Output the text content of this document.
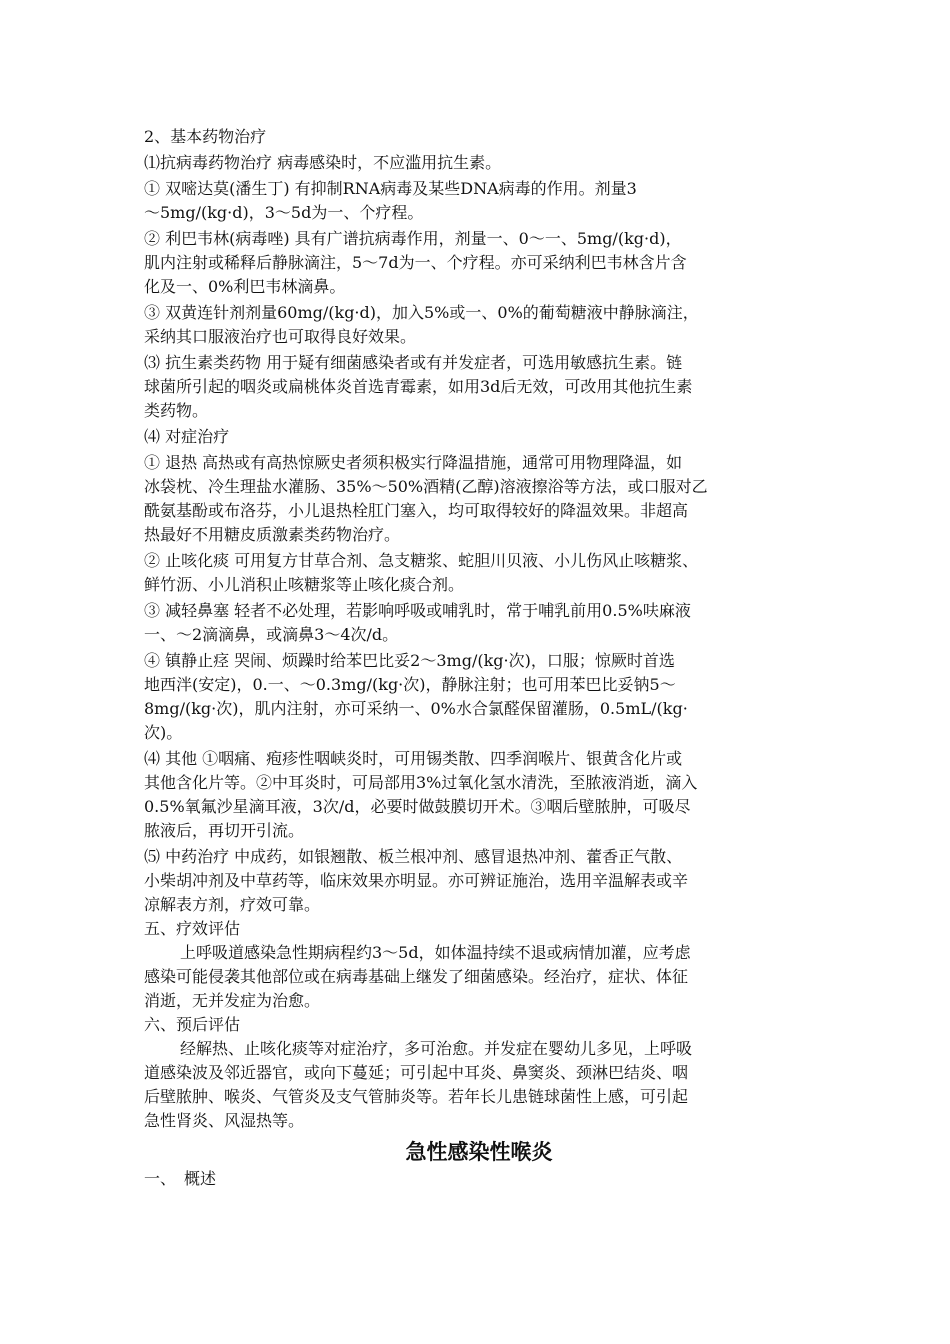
2、基本药物治疗
⑴抗病毒药物治疗 病毒感染时，不应滥用抗生素。
① 双嘧达莫(潘生丁) 有抑制RNA病毒及某些DNA病毒的作用。剂量3
～5mg/(kg·d)，3～5d为一、个疗程。
② 利巴韦林(病毒唑) 具有广谱抗病毒作用，剂量一、0～一、5mg/(kg·d)，
肌内注射或稀释后静脉滴注，5～7d为一、个疗程。亦可采纳利巴韦林含片含
化及一、0%利巴韦林滴鼻。
③ 双黄连针剂剂量60mg/(kg·d)，加入5%或一、0%的葡萄糖液中静脉滴注，
采纳其口服液治疗也可取得良好效果。
⑶ 抗生素类药物 用于疑有细菌感染者或有并发症者，可选用敏感抗生素。链
球菌所引起的咽炎或扁桃体炎首选青霉素，如用3d后无效，可改用其他抗生素
类药物。
⑷ 对症治疗
① 退热 高热或有高热惊厥史者须积极实行降温措施，通常可用物理降温，如
冰袋枕、冷生理盐水灌肠、35%～50%酒精(乙醇)溶液擦浴等方法，或口服对乙
酰氨基酚或布洛芬，小儿退热栓肛门塞入，均可取得较好的降温效果。非超高
热最好不用糖皮质激素类药物治疗。
② 止咳化痰 可用复方甘草合剂、急支糖浆、蛇胆川贝液、小儿伤风止咳糖浆、
鲜竹沥、小儿消积止咳糖浆等止咳化痰合剂。
③ 减轻鼻塞 轻者不必处理，若影响呼吸或哺乳时，常于哺乳前用0.5%呋麻液
一、～2滴滴鼻，或滴鼻3～4次/d。
④ 镇静止痉 哭闹、烦躁时给苯巴比妥2～3mg/(kg·次)，口服；惊厥时首选
地西泮(安定)，0.一、～0.3mg/(kg·次)，静脉注射；也可用苯巴比妥钠5～
8mg/(kg·次)，肌内注射，亦可采纳一、0%水合氯醛保留灌肠，0.5mL/(kg·
次)。
⑷ 其他 ①咽痛、疱疹性咽峡炎时，可用锡类散、四季润喉片、银黄含化片或
其他含化片等。②中耳炎时，可局部用3%过氧化氢水清洗，至脓液消逝，滴入
0.5%氧氟沙星滴耳液，3次/d，必要时做鼓膜切开术。③咽后壁脓肿，可吸尽
脓液后，再切开引流。
⑸ 中药治疗 中成药，如银翘散、板兰根冲剂、感冒退热冲剂、藿香正气散、
小柴胡冲剂及中草药等，临床效果亦明显。亦可辨证施治，选用辛温解表或辛
凉解表方剂，疗效可靠。
五、疗效评估
上呼吸道感染急性期病程约3～5d，如体温持续不退或病情加灌，应考虑
感染可能侵袭其他部位或在病毒基础上继发了细菌感染。经治疗，症状、体征
消逝，无并发症为治愈。
六、预后评估
经解热、止咳化痰等对症治疗，多可治愈。并发症在婴幼儿多见，上呼吸
道感染波及邻近器官，或向下蔓延；可引起中耳炎、鼻窦炎、颈淋巴结炎、咽
后壁脓肿、喉炎、气管炎及支气管肺炎等。若年长儿患链球菌性上感，可引起
急性肾炎、风湿热等。
急性感染性喉炎
一、　概述
